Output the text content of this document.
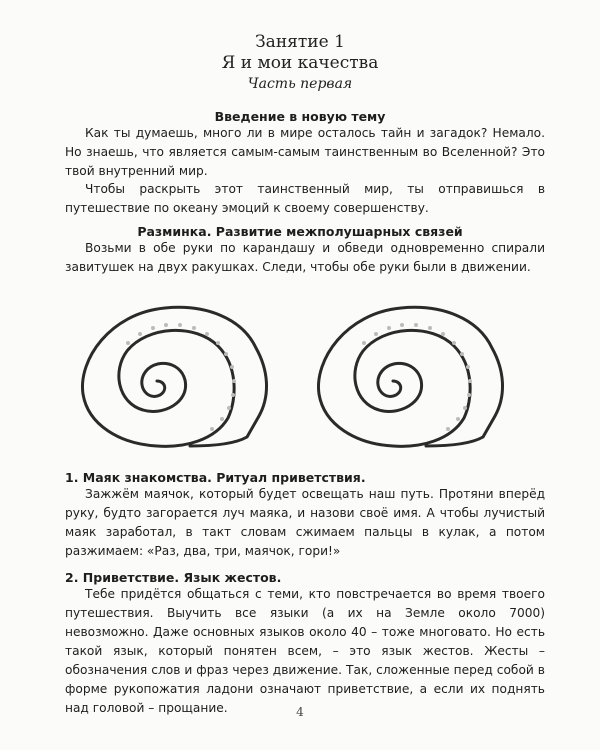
Занятие 1
Я и мои качества
Часть первая
Введение в новую тему

Как ты думаешь, много ли в мире осталось тайн и загадок? Немало. Но знаешь, что является самым-самым таинственным во Вселенной? Это твой внутренний мир.

Чтобы раскрыть этот таинственный мир, ты отправишься в путешествие по океану эмоций к своему совершенству.

Разминка. Развитие межполушарных связей

Возьми в обе руки по карандашу и обведи одновременно спирали завитушек на двух ракушках. Следи, чтобы обе руки были в движении.

1. Маяк знакомства. Ритуал приветствия.

Зажжём маячок, который будет освещать наш путь. Протяни вперёд руку, будто загорается луч маяка, и назови своё имя. А чтобы лучистый маяк заработал, в такт словам сжимаем пальцы в кулак, а потом разжимаем: «Раз, два, три, маячок, гори!»

2. Приветствие. Язык жестов.

Тебе придётся общаться с теми, кто повстречается во время твоего путешествия. Выучить все языки (а их на Земле около 7000) невозможно. Даже основных языков около 40 – тоже многовато. Но есть такой язык, который понятен всем, – это язык жестов. Жесты – обозначения слов и фраз через движение. Так, сложенные перед собой в форме рукопожатия ладони означают приветствие, а если их поднять над головой – прощание.	4
